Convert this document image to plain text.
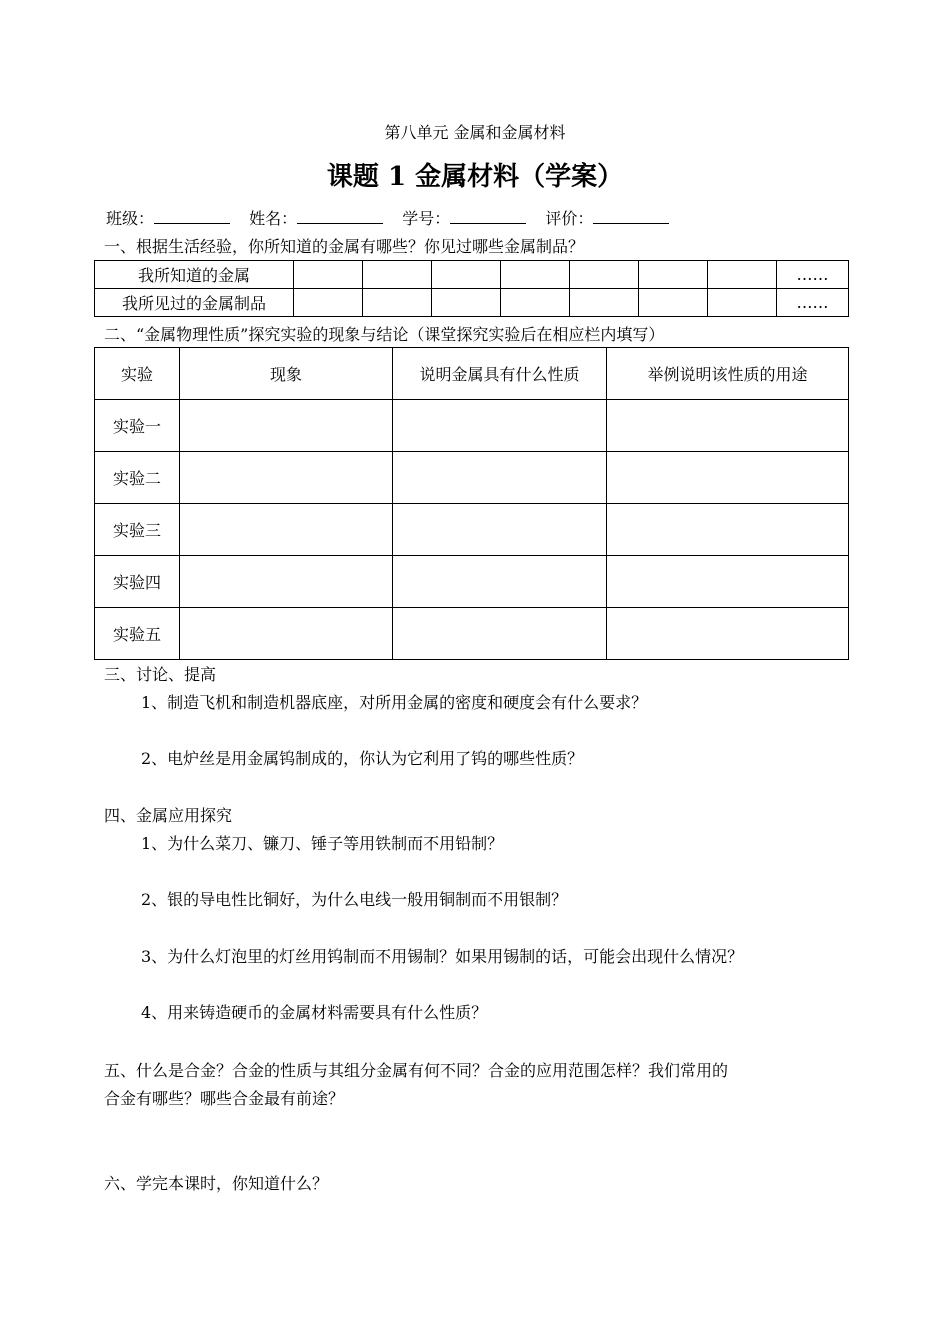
第八单元 金属和金属材料
课题 1 金属材料（学案）
班级：	姓名：	学号：	评价：
一、根据生活经验，你所知道的金属有哪些？你见过哪些金属制品？
我所知道的金属								……
我所见过的金属制品								……
二、“金属物理性质”探究实验的现象与结论（课堂探究实验后在相应栏内填写）
实验	现象	说明金属具有什么性质	举例说明该性质的用途
实验一			
实验二			
实验三			
实验四			
实验五			
三、讨论、提高
1、制造飞机和制造机器底座，对所用金属的密度和硬度会有什么要求？
2、电炉丝是用金属钨制成的，你认为它利用了钨的哪些性质？
四、金属应用探究
1、为什么菜刀、镰刀、锤子等用铁制而不用铅制？
2、银的导电性比铜好，为什么电线一般用铜制而不用银制？
3、为什么灯泡里的灯丝用钨制而不用锡制？如果用锡制的话，可能会出现什么情况？
4、用来铸造硬币的金属材料需要具有什么性质？
五、什么是合金？合金的性质与其组分金属有何不同？合金的应用范围怎样？我们常用的
合金有哪些？哪些合金最有前途？
六、学完本课时，你知道什么？
